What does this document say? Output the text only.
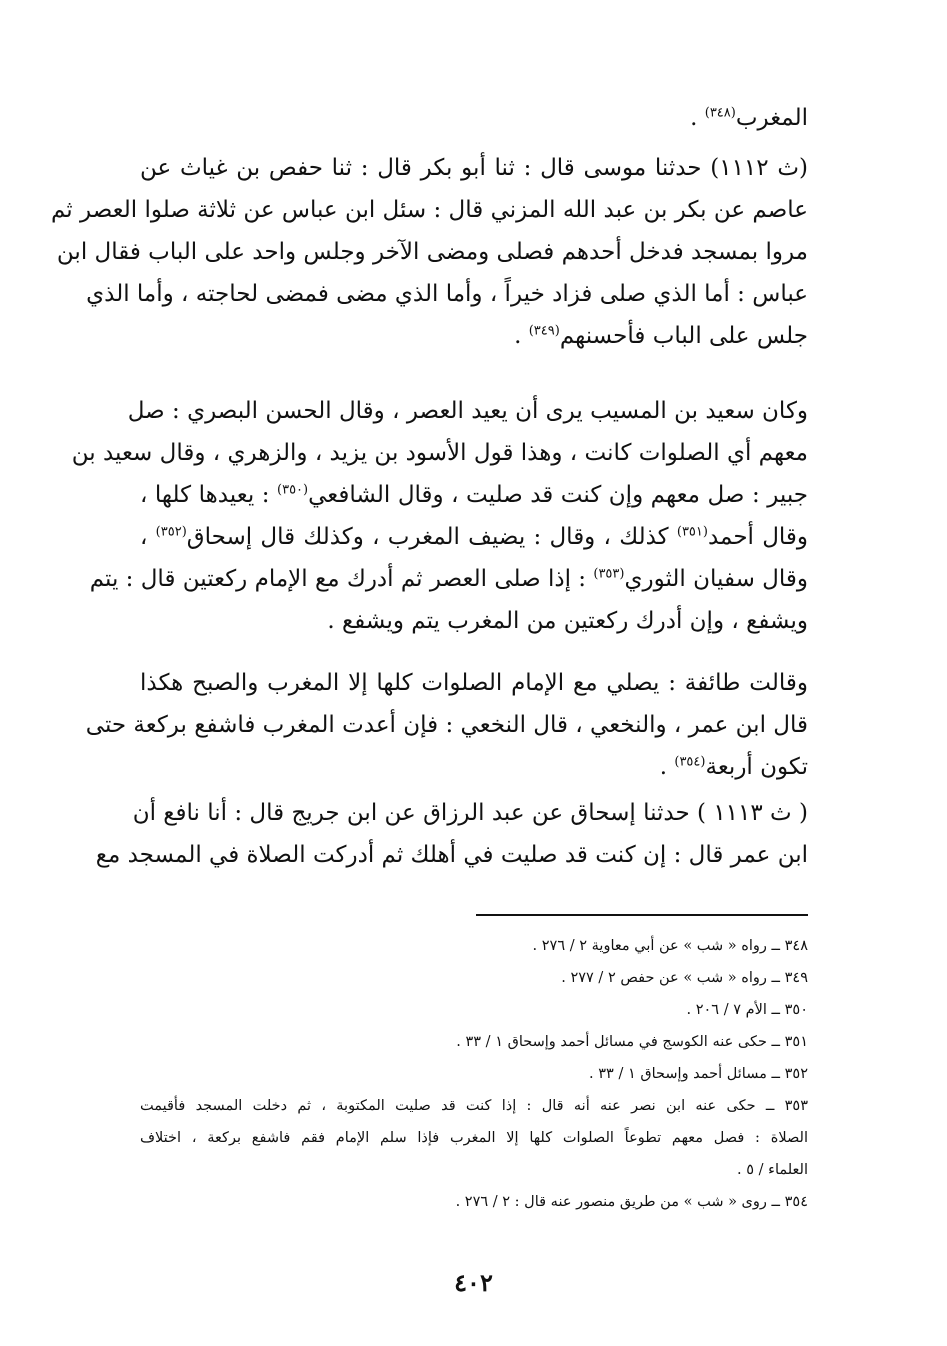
المغرب$^{(٣٤٨)}$ .
(ث ١١١٢) حدثنا موسى قال : ثنا أبو بكر قال : ثنا حفص بن غياث عن
عاصم عن بكر بن عبد الله المزني قال : سئل ابن عباس عن ثلاثة صلوا العصر ثم
مروا بمسجد فدخل أحدهم فصلى ومضى الآخر وجلس واحد على الباب فقال ابن
عباس : أما الذي صلى فزاد خيراً ، وأما الذي مضى فمضى لحاجته ، وأما الذي
جلس على الباب فأحسنهم$^{(٣٤٩)}$ .
وكان سعيد بن المسيب يرى أن يعيد العصر ، وقال الحسن البصري : صل
معهم أي الصلوات كانت ، وهذا قول الأسود بن يزيد ، والزهري ، وقال سعيد بن
جبير : صل معهم وإن كنت قد صليت ، وقال الشافعي$^{(٣٥٠)}$ : يعيدها كلها ،
وقال أحمد$^{(٣٥١)}$ كذلك ، وقال : يضيف المغرب ، وكذلك قال إسحاق$^{(٣٥٢)}$ ،
وقال سفيان الثوري$^{(٣٥٣)}$ : إذا صلى العصر ثم أدرك مع الإمام ركعتين قال : يتم
ويشفع ، وإن أدرك ركعتين من المغرب يتم ويشفع .
وقالت طائفة : يصلي مع الإمام الصلوات كلها إلا المغرب والصبح هكذا
قال ابن عمر ، والنخعي ، قال النخعي : فإن أعدت المغرب فاشفع بركعة حتى
تكون أربعة$^{(٣٥٤)}$ .
( ث ١١١٣ ) حدثنا إسحاق عن عبد الرزاق عن ابن جريج قال : أنا نافع أن
ابن عمر قال : إن كنت قد صليت في أهلك ثم أدركت الصلاة في المسجد مع
٣٤٨ ــ رواه « شب » عن أبي معاوية ٢ / ٢٧٦ .
٣٤٩ ــ رواه « شب » عن حفص ٢ / ٢٧٧ .
٣٥٠ ــ الأم ٧ / ٢٠٦ .
٣٥١ ــ حكى عنه الكوسج في مسائل أحمد وإسحاق ١ / ٣٣ .
٣٥٢ ــ مسائل أحمد وإسحاق ١ / ٣٣ .
٣٥٣ ــ حكى عنه ابن نصر عنه أنه قال : إذا كنت قد صليت المكتوبة ، ثم دخلت المسجد فأقيمت
الصلاة : فصل معهم تطوعاً الصلوات كلها إلا المغرب فإذا سلم الإمام فقم فاشفع بركعة ، اختلاف
العلماء / ٥ .
٣٥٤ ــ روى « شب » من طريق منصور عنه قال : ٢ / ٢٧٦ .
٤٠٢
